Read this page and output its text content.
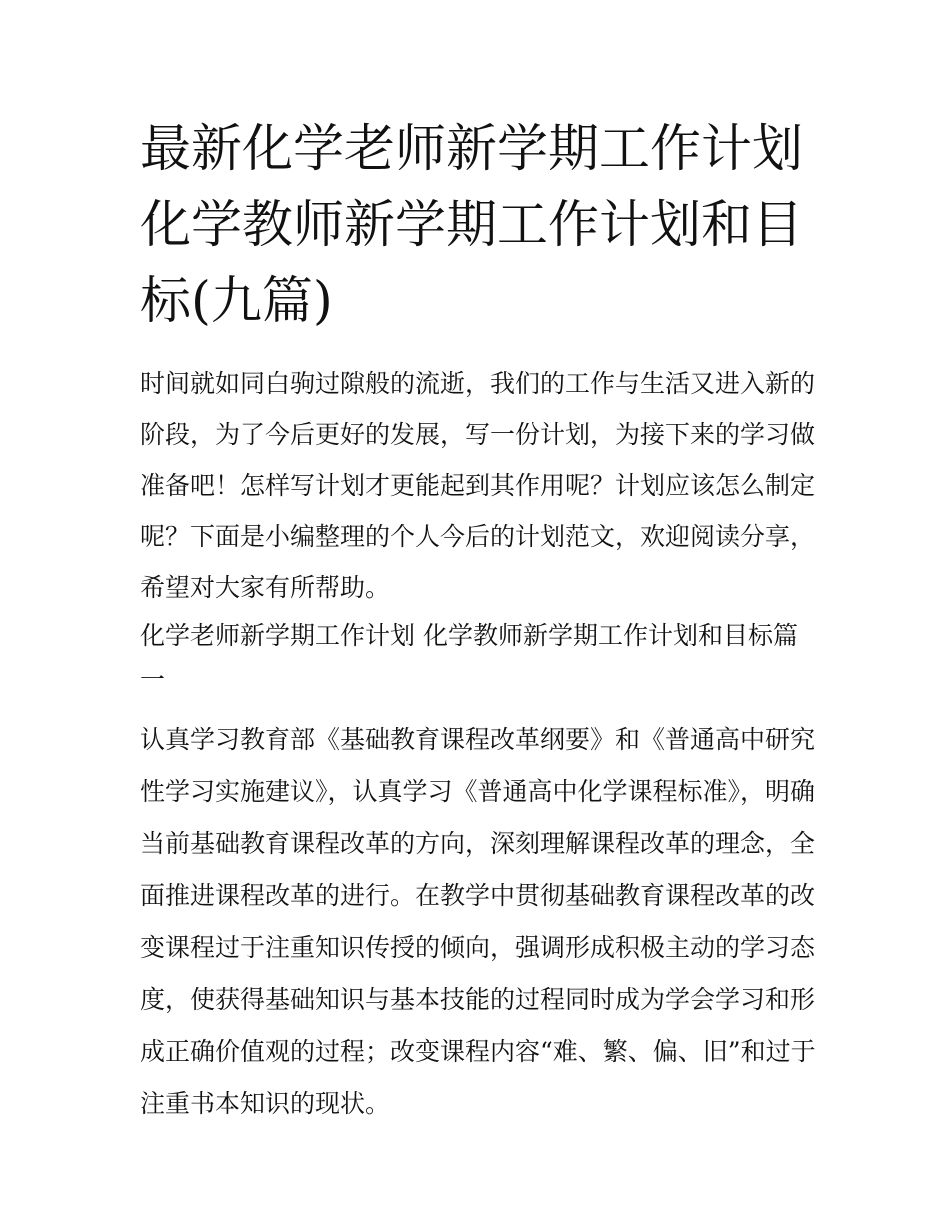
最新化学老师新学期工作计划 化学教师新学期工作计划和目标(九篇)

时间就如同白驹过隙般的流逝，我们的工作与生活又进入新的阶段，为了今后更好的发展，写一份计划，为接下来的学习做准备吧！怎样写计划才更能起到其作用呢？计划应该怎么制定呢？下面是小编整理的个人今后的计划范文，欢迎阅读分享，希望对大家有所帮助。

化学老师新学期工作计划 化学教师新学期工作计划和目标篇一

认真学习教育部《基础教育课程改革纲要》和《普通高中研究性学习实施建议》，认真学习《普通高中化学课程标准》，明确当前基础教育课程改革的方向，深刻理解课程改革的理念，全面推进课程改革的进行。在教学中贯彻基础教育课程改革的改变课程过于注重知识传授的倾向，强调形成积极主动的学习态度，使获得基础知识与基本技能的过程同时成为学会学习和形成正确价值观的过程；改变课程内容“难、繁、偏、旧”和过于注重书本知识的现状。
